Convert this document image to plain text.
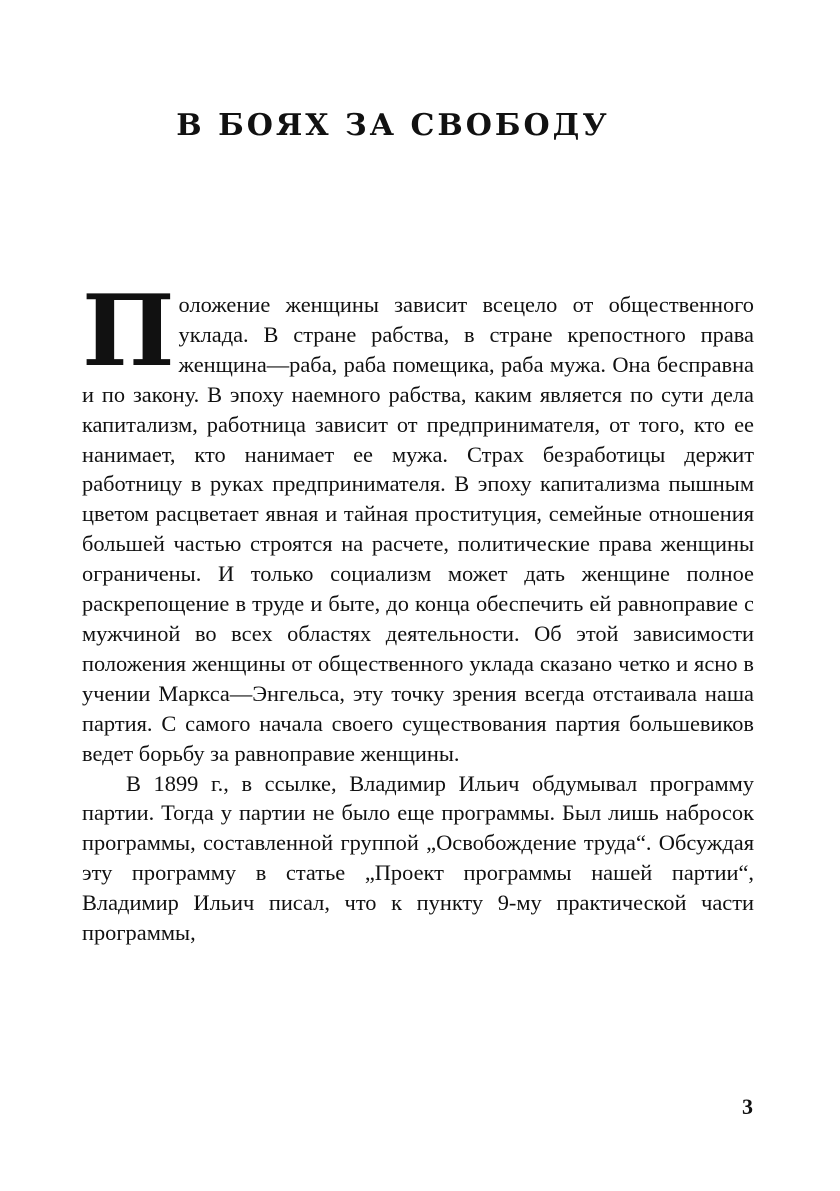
В БОЯХ ЗА СВОБОДУ

П оложение женщины зависит всецело от общественного уклада. В стране рабства, в стране крепостного права женщина—раба, раба помещика, раба мужа. Она бесправна и по закону. В эпоху наемного рабства, каким является по сути дела капитализм, работница зависит от предпринимателя, от того, кто ее нанимает, кто нанимает ее мужа. Страх безработицы держит работницу в руках предпринимателя. В эпоху капитализма пышным цветом расцветает явная и тайная проституция, семейные отношения большей частью строятся на расчете, политические права женщины ограничены. И только социализм может дать женщине полное раскрепощение в труде и быте, до конца обеспечить ей равноправие с мужчиной во всех областях деятельности. Об этой зависимости положения женщины от общественного уклада сказано четко и ясно в учении Маркса—Энгельса, эту точку зрения всегда отстаивала наша партия. С самого начала своего существования партия большевиков ведет борьбу за равноправие женщины.

В 1899 г., в ссылке, Владимир Ильич обдумывал программу партии. Тогда у партии не было еще программы. Был лишь набросок программы, составленной группой „Освобождение труда“. Обсуждая эту программу в статье „Проект программы нашей партии“, Владимир Ильич писал, что к пункту 9-му практической части программы,

3
